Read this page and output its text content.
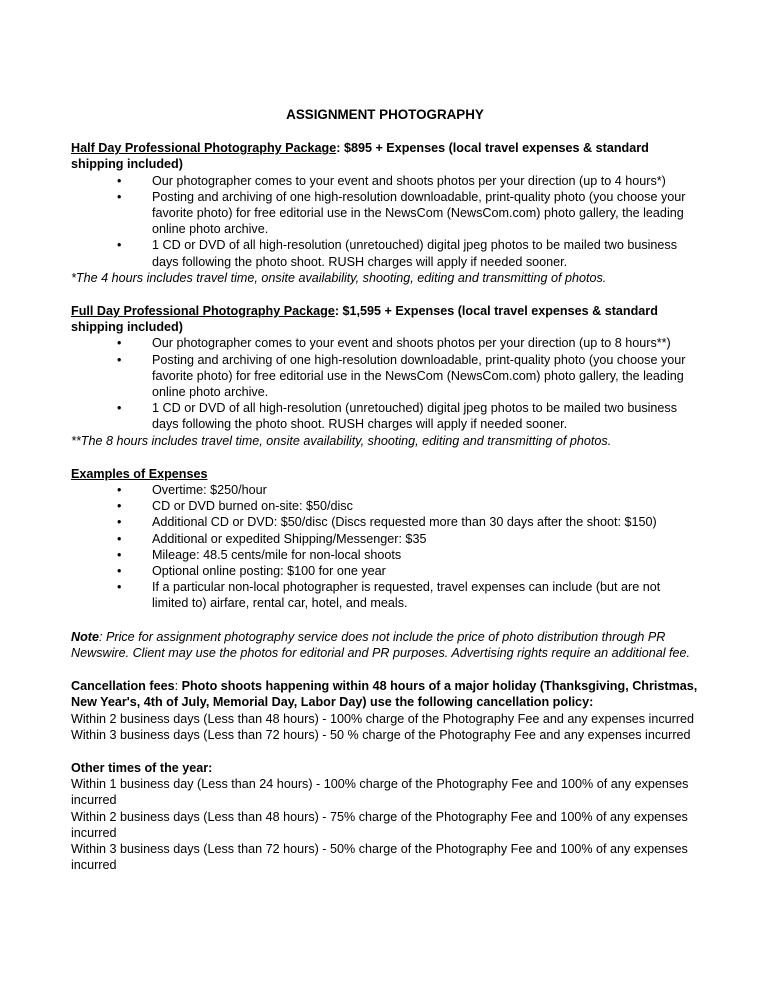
ASSIGNMENT PHOTOGRAPHY

Half Day Professional Photography Package: $895 + Expenses (local travel expenses & standard shipping included)

• Our photographer comes to your event and shoots photos per your direction (up to 4 hours*)
• Posting and archiving of one high-resolution downloadable, print-quality photo (you choose your favorite photo) for free editorial use in the NewsCom (NewsCom.com) photo gallery, the leading online photo archive.
• 1 CD or DVD of all high-resolution (unretouched) digital jpeg photos to be mailed two business days following the photo shoot. RUSH charges will apply if needed sooner.

*The 4 hours includes travel time, onsite availability, shooting, editing and transmitting of photos.

Full Day Professional Photography Package: $1,595 + Expenses (local travel expenses & standard shipping included)

• Our photographer comes to your event and shoots photos per your direction (up to 8 hours**)
• Posting and archiving of one high-resolution downloadable, print-quality photo (you choose your favorite photo) for free editorial use in the NewsCom (NewsCom.com) photo gallery, the leading online photo archive.
• 1 CD or DVD of all high-resolution (unretouched) digital jpeg photos to be mailed two business days following the photo shoot. RUSH charges will apply if needed sooner.

**The 8 hours includes travel time, onsite availability, shooting, editing and transmitting of photos.

Examples of Expenses

• Overtime: $250/hour
• CD or DVD burned on-site: $50/disc
• Additional CD or DVD: $50/disc (Discs requested more than 30 days after the shoot: $150)
• Additional or expedited Shipping/Messenger: $35
• Mileage: 48.5 cents/mile for non-local shoots
• Optional online posting: $100 for one year
• If a particular non-local photographer is requested, travel expenses can include (but are not limited to) airfare, rental car, hotel, and meals.

Note: Price for assignment photography service does not include the price of photo distribution through PR Newswire. Client may use the photos for editorial and PR purposes. Advertising rights require an additional fee.

Cancellation fees: Photo shoots happening within 48 hours of a major holiday (Thanksgiving, Christmas, New Year's, 4th of July, Memorial Day, Labor Day) use the following cancellation policy:

Within 2 business days (Less than 48 hours) - 100% charge of the Photography Fee and any expenses incurred

Within 3 business days (Less than 72 hours) - 50 % charge of the Photography Fee and any expenses incurred

Other times of the year:

Within 1 business day (Less than 24 hours) - 100% charge of the Photography Fee and 100% of any expenses incurred

Within 2 business days (Less than 48 hours) - 75% charge of the Photography Fee and 100% of any expenses incurred

Within 3 business days (Less than 72 hours) - 50% charge of the Photography Fee and 100% of any expenses incurred
